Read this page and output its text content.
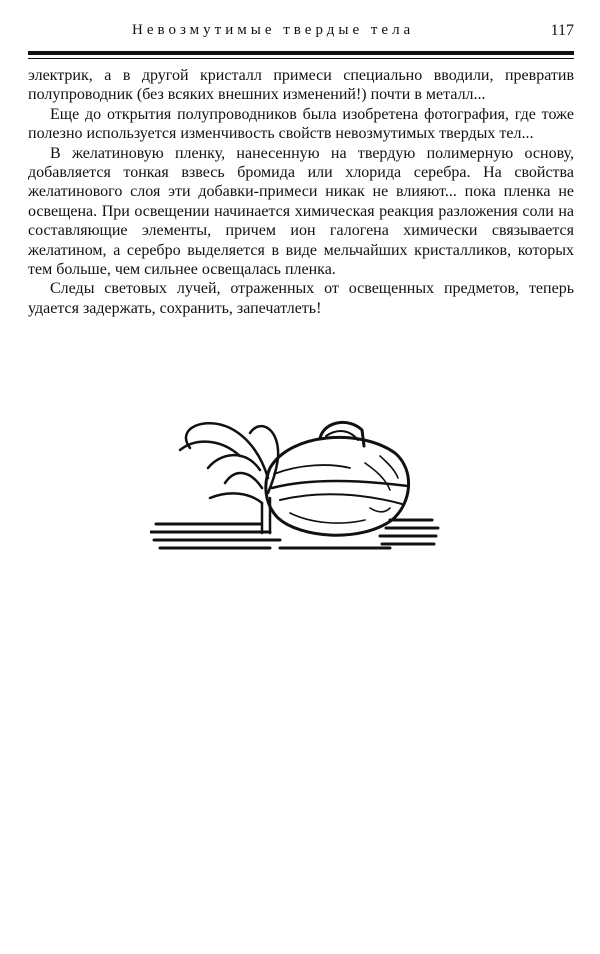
Невозмутимые твердые тела	117

электрик, а в другой кристалл примеси специально вводили, превратив полупроводник (без всяких внешних изменений!) почти в металл...

Еще до открытия полупроводников была изобретена фотография, где тоже полезно используется изменчивость свойств невозмутимых твердых тел...

В желатиновую пленку, нанесенную на твердую полимерную основу, добавляется тонкая взвесь бромида или хлорида серебра. На свойства желатинового слоя эти добавки-примеси никак не влияют... пока пленка не освещена. При освещении начинается химическая реакция разложения соли на составляющие элементы, причем ион галогена химически связывается желатином, а серебро выделяется в виде мельчайших кристалликов, которых тем больше, чем сильнее освещалась пленка.

Следы световых лучей, отраженных от освещенных предметов, теперь удается задержать, сохранить, запечатлеть!
